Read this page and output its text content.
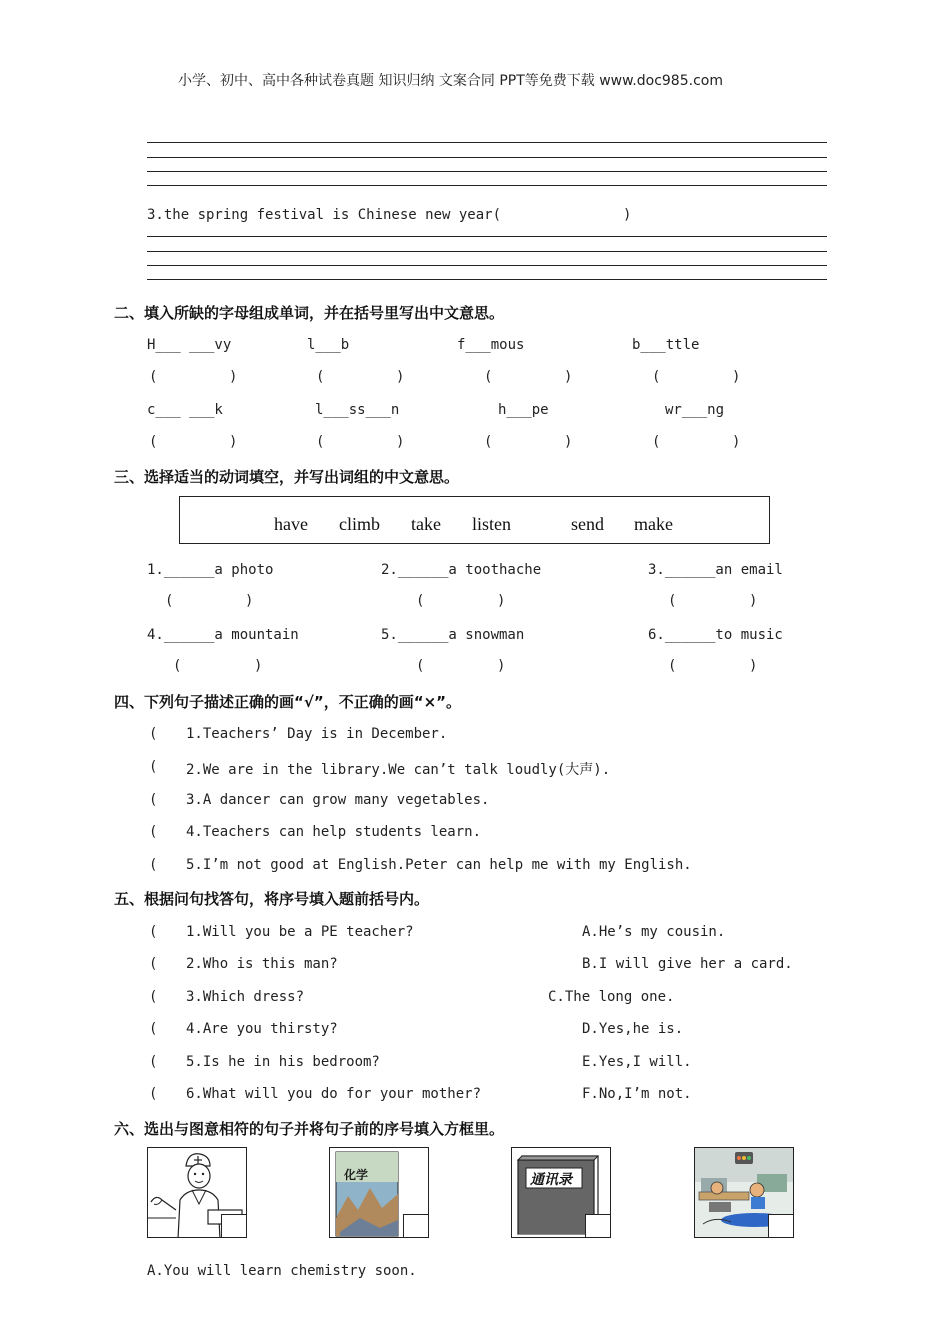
小学、初中、高中各种试卷真题 知识归纳 文案合同 PPT等免费下载 www.doc985.com
3.the spring festival is Chinese new year(	)
二、填入所缺的字母组成单词，并在括号里写出中文意思。
H___ ___vy	l___b	f___mous	b___ttle
(	)	(	)	(	)	(	)
c___ ___k	l___ss___n	h___pe	wr___ng
(	)	(	)	(	)	(	)
三、选择适当的动词填空，并写出词组的中文意思。
have climb take listen	send make
1.______a photo	2.______a toothache	3.______an email
(	)	(	)	(	)
4.______a mountain	5.______a snowman	6.______to music
(	)	(	)	(	)
四、下列句子描述正确的画“√”，不正确的画“×”。
( 1.Teachers’ Day is in December.
( 2.We are in the library.We can’t talk loudly(大声).
( 3.A dancer can grow many vegetables.
( 4.Teachers can help students learn.
( 5.I’m not good at English.Peter can help me with my English.
五、根据问句找答句，将序号填入题前括号内。
( 1.Will you be a PE teacher?	A.He’s my cousin.
( 2.Who is this man?	B.I will give her a card.
( 3.Which dress?	C.The long one.
( 4.Are you thirsty?	D.Yes,he is.
( 5.Is he in his bedroom?	E.Yes,I will.
( 6.What will you do for your mother?	F.No,I’m not.
六、选出与图意相符的句子并将句子前的序号填入方框里。
化学	通讯录
A.You will learn chemistry soon.
